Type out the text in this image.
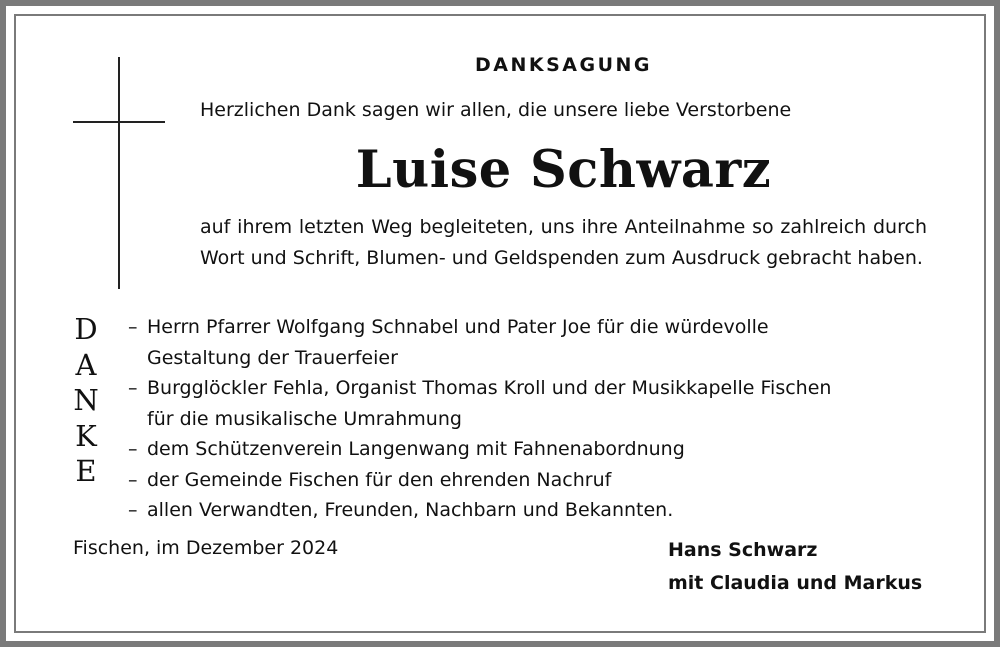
DANKSAGUNG
Herzlichen Dank sagen wir allen, die unsere liebe Verstorbene
Luise Schwarz
auf ihrem letzten Weg begleiteten, uns ihre Anteilnahme so zahlreich durch Wort und Schrift, Blumen- und Geldspenden zum Ausdruck gebracht haben.
D
A
N
K
E
– Herrn Pfarrer Wolfgang Schnabel und Pater Joe für die würdevolle
Gestaltung der Trauerfeier
– Burgglöckler Fehla, Organist Thomas Kroll und der Musikkapelle Fischen
für die musikalische Umrahmung
– dem Schützenverein Langenwang mit Fahnenabordnung
– der Gemeinde Fischen für den ehrenden Nachruf
– allen Verwandten, Freunden, Nachbarn und Bekannten.
Fischen, im Dezember 2024	Hans Schwarz
mit Claudia und Markus
